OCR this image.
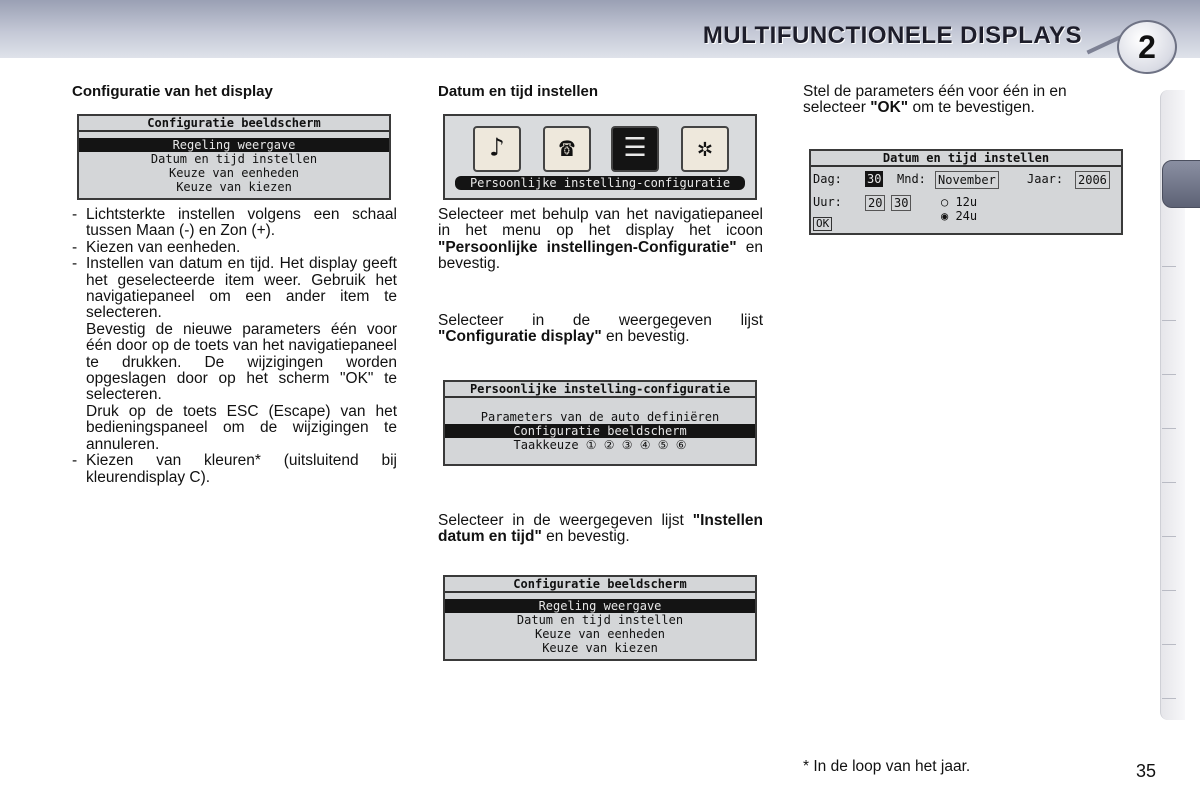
MULTIFUNCTIONELE DISPLAYS	2
Configuratie van het display
Configuratie beeldscherm
Regeling weergave
Datum en tijd instellen
Keuze van eenheden
Keuze van kiezen
- Lichtsterkte instellen volgens een schaal tussen Maan (-) en Zon (+).
- Kiezen van eenheden.
- Instellen van datum en tijd. Het display geeft het geselecteerde item weer. Gebruik het navigatiepaneel om een ander item te selecteren.
Bevestig de nieuwe parameters één voor één door op de toets van het navigatiepaneel te drukken. De wijzigingen worden opgeslagen door op het scherm "OK" te selecteren.
Druk op de toets ESC (Escape) van het bedieningspaneel om de wijzigingen te annuleren.
- Kiezen van kleuren* (uitsluitend bij kleurendisplay C).
Datum en tijd instellen
♪	☎	☰	✲
Persoonlijke instelling-configuratie
Selecteer met behulp van het navigatiepaneel in het menu op het display het icoon "Persoonlijke instellingen-Configuratie" en bevestig.
Selecteer in de weergegeven lijst "Configuratie display" en bevestig.
Persoonlijke instelling-configuratie
Parameters van de auto definiëren
Configuratie beeldscherm
Taakkeuze ① ② ③ ④ ⑤ ⑥
Selecteer in de weergegeven lijst "Instellen datum en tijd" en bevestig.
Configuratie beeldscherm
Regeling weergave
Datum en tijd instellen
Keuze van eenheden
Keuze van kiezen
Stel de parameters één voor één in en selecteer "OK" om te bevestigen.
Datum en tijd instellen
Dag: 30 Mnd: November	Jaar: 2006
Uur: 20 30	○ 12u
◉ 24u
OK
* In de loop van het jaar.	35
